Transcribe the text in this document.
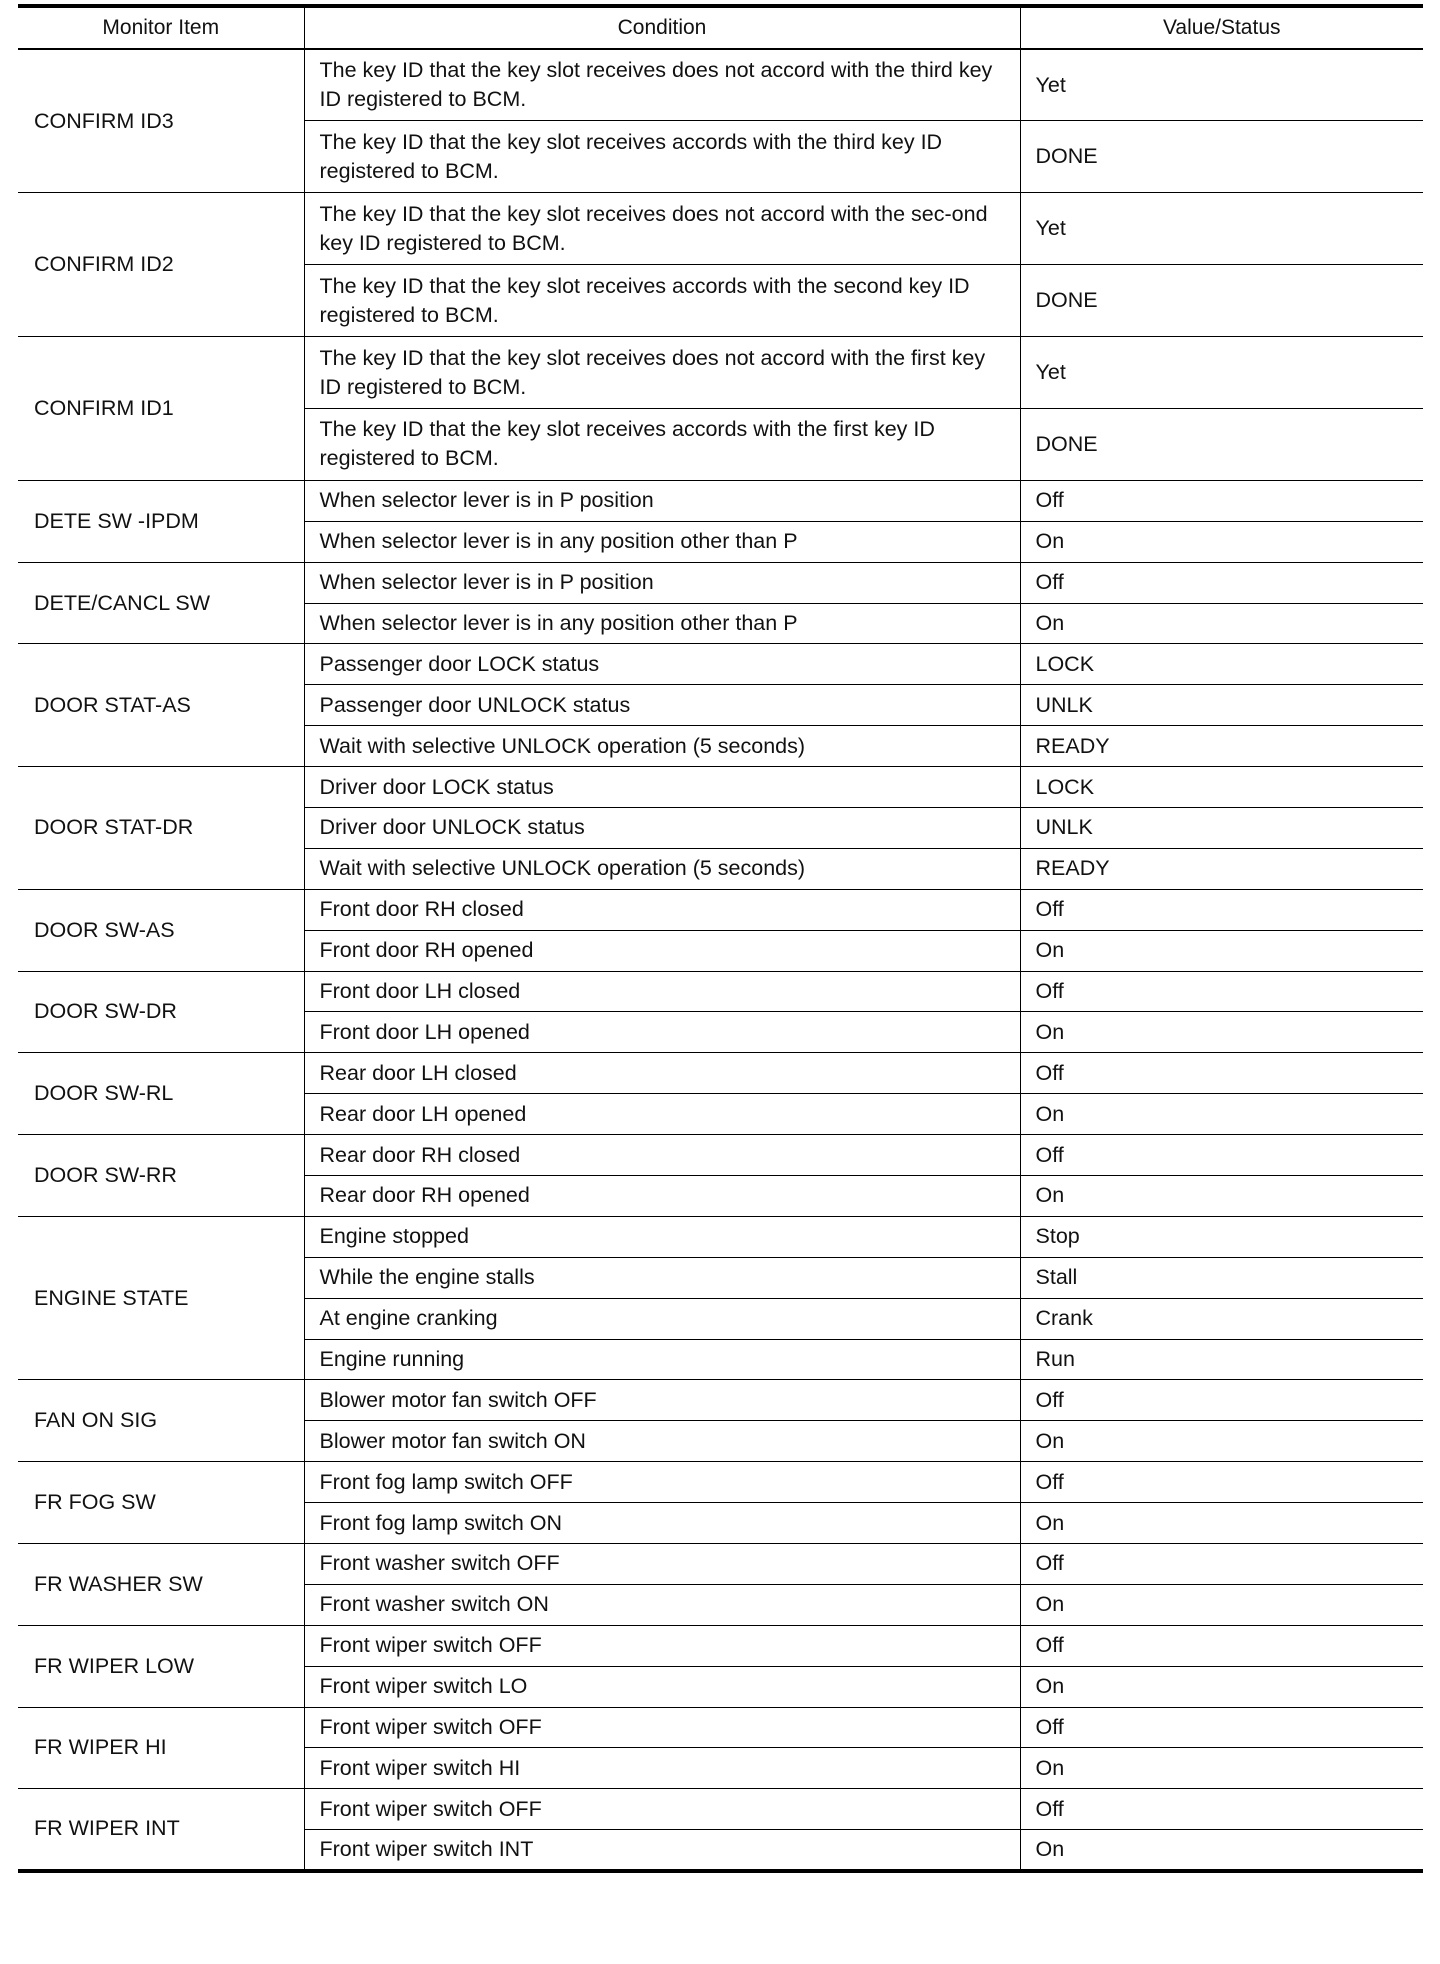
Monitor Item	Condition	Value/Status
CONFIRM ID3	The key ID that the key slot receives does not accord with the third key ID registered to BCM.	Yet
	The key ID that the key slot receives accords with the third key ID registered to BCM.	DONE
CONFIRM ID2	The key ID that the key slot receives does not accord with the sec-ond key ID registered to BCM.	Yet
	The key ID that the key slot receives accords with the second key ID registered to BCM.	DONE
CONFIRM ID1	The key ID that the key slot receives does not accord with the first key ID registered to BCM.	Yet
	The key ID that the key slot receives accords with the first key ID registered to BCM.	DONE
DETE SW -IPDM	When selector lever is in P position	Off
	When selector lever is in any position other than P	On
DETE/CANCL SW	When selector lever is in P position	Off
	When selector lever is in any position other than P	On
DOOR STAT-AS	Passenger door LOCK status	LOCK
	Passenger door UNLOCK status	UNLK
	Wait with selective UNLOCK operation (5 seconds)	READY
DOOR STAT-DR	Driver door LOCK status	LOCK
	Driver door UNLOCK status	UNLK
	Wait with selective UNLOCK operation (5 seconds)	READY
DOOR SW-AS	Front door RH closed	Off
	Front door RH opened	On
DOOR SW-DR	Front door LH closed	Off
	Front door LH opened	On
DOOR SW-RL	Rear door LH closed	Off
	Rear door LH opened	On
DOOR SW-RR	Rear door RH closed	Off
	Rear door RH opened	On
ENGINE STATE	Engine stopped	Stop
	While the engine stalls	Stall
	At engine cranking	Crank
	Engine running	Run
FAN ON SIG	Blower motor fan switch OFF	Off
	Blower motor fan switch ON	On
FR FOG SW	Front fog lamp switch OFF	Off
	Front fog lamp switch ON	On
FR WASHER SW	Front washer switch OFF	Off
	Front washer switch ON	On
FR WIPER LOW	Front wiper switch OFF	Off
	Front wiper switch LO	On
FR WIPER HI	Front wiper switch OFF	Off
	Front wiper switch HI	On
FR WIPER INT	Front wiper switch OFF	Off
	Front wiper switch INT	On
